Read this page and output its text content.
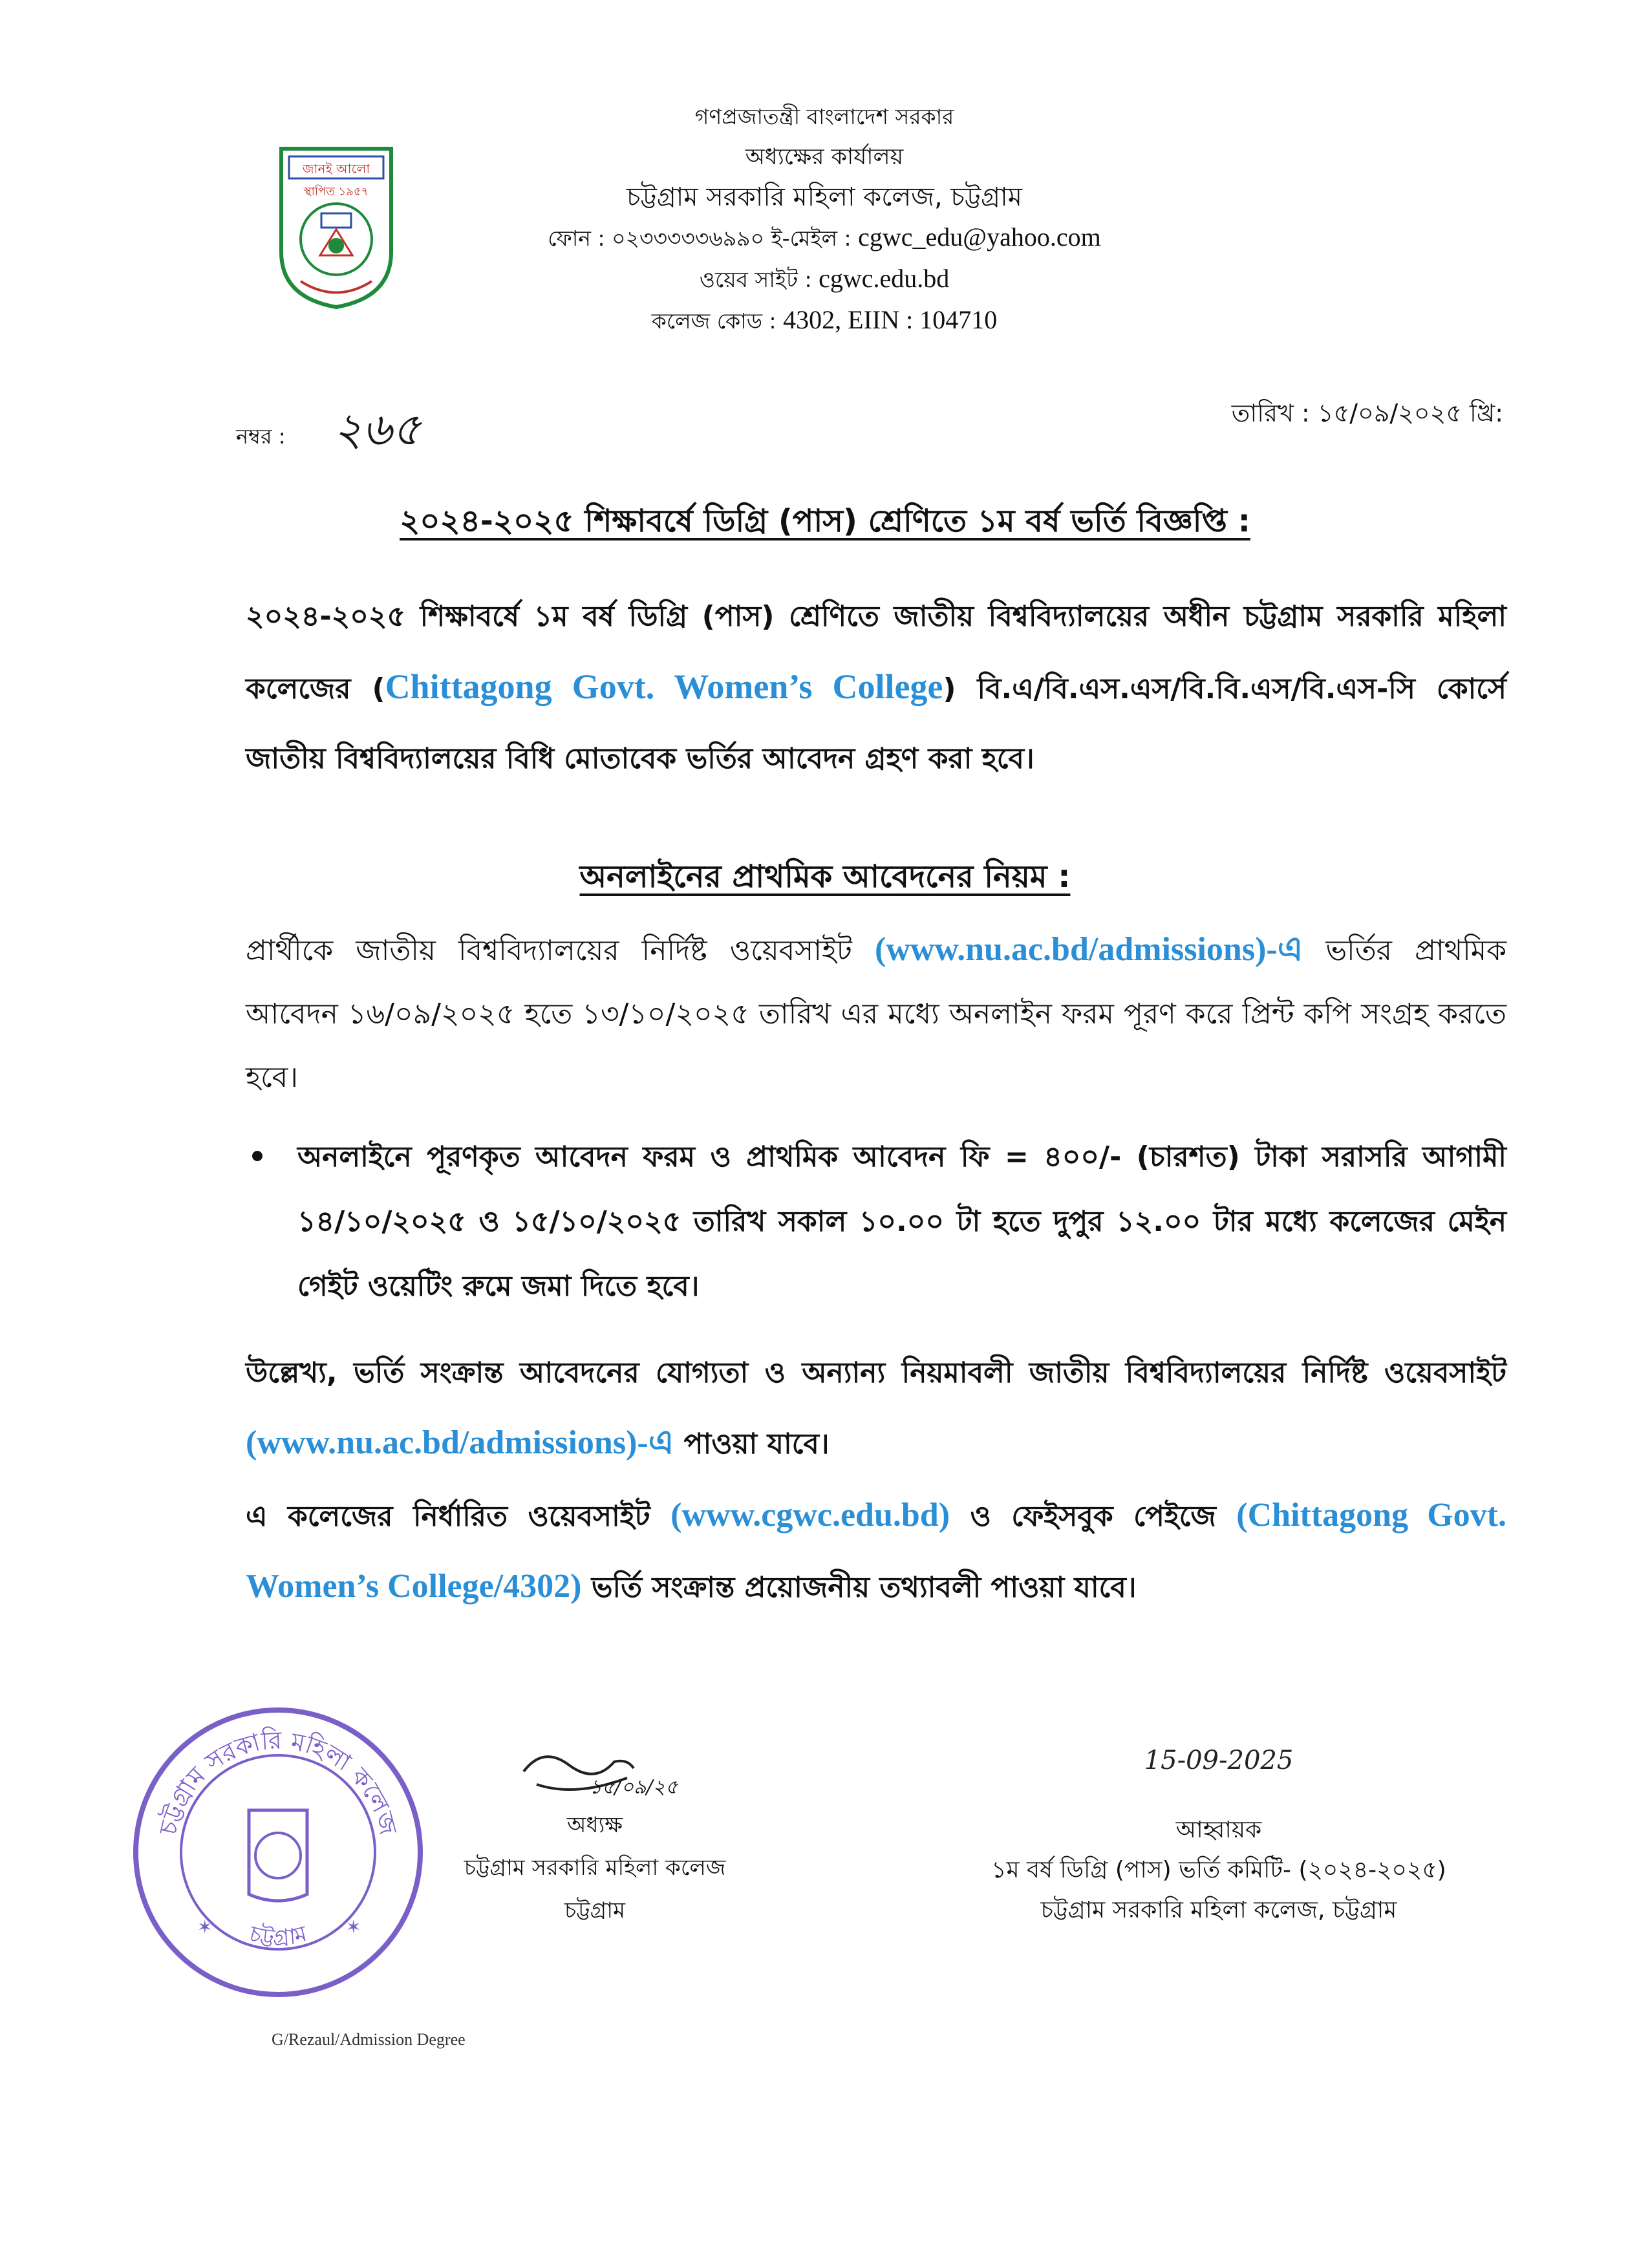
জানই আলো
স্থাপিত ১৯৫৭
গণপ্রজাতন্ত্রী বাংলাদেশ সরকার
অধ্যক্ষের কার্যালয়
চট্টগ্রাম সরকারি মহিলা কলেজ, চট্টগ্রাম
ফোন : ০২৩৩৩৩৩৬৯৯০ ই-মেইল : cgwc_edu@yahoo.com
ওয়েব সাইট : cgwc.edu.bd
কলেজ কোড : 4302, EIIN : 104710
নম্বর : ২৬৫	তারিখ : ১৫/০৯/২০২৫ খ্রি:
২০২৪-২০২৫ শিক্ষাবর্ষে ডিগ্রি (পাস) শ্রেণিতে ১ম বর্ষ ভর্তি বিজ্ঞপ্তি :
২০২৪-২০২৫ শিক্ষাবর্ষে ১ম বর্ষ ডিগ্রি (পাস) শ্রেণিতে জাতীয় বিশ্ববিদ্যালয়ের অধীন চট্টগ্রাম সরকারি মহিলা কলেজের (Chittagong Govt. Women’s College) বি.এ/বি.এস.এস/বি.বি.এস/বি.এস-সি কোর্সে জাতীয় বিশ্ববিদ্যালয়ের বিধি মোতাবেক ভর্তির আবেদন গ্রহণ করা হবে।
অনলাইনের প্রাথমিক আবেদনের নিয়ম :
প্রার্থীকে জাতীয় বিশ্ববিদ্যালয়ের নির্দিষ্ট ওয়েবসাইট (www.nu.ac.bd/admissions)-এ ভর্তির প্রাথমিক আবেদন ১৬/০৯/২০২৫ হতে ১৩/১০/২০২৫ তারিখ এর মধ্যে অনলাইন ফরম পূরণ করে প্রিন্ট কপি সংগ্রহ করতে হবে।
অনলাইনে পূরণকৃত আবেদন ফরম ও প্রাথমিক আবেদন ফি = ৪০০/- (চারশত) টাকা সরাসরি আগামী ১৪/১০/২০২৫ ও ১৫/১০/২০২৫ তারিখ সকাল ১০.০০ টা হতে দুপুর ১২.০০ টার মধ্যে কলেজের মেইন গেইট ওয়েটিং রুমে জমা দিতে হবে।
উল্লেখ্য, ভর্তি সংক্রান্ত আবেদনের যোগ্যতা ও অন্যান্য নিয়মাবলী জাতীয় বিশ্ববিদ্যালয়ের নির্দিষ্ট ওয়েবসাইট (www.nu.ac.bd/admissions)-এ পাওয়া যাবে।
এ কলেজের নির্ধারিত ওয়েবসাইট (www.cgwc.edu.bd) ও ফেইসবুক পেইজে (Chittagong Govt. Women’s College/4302) ভর্তি সংক্রান্ত প্রয়োজনীয় তথ্যাবলী পাওয়া যাবে।
চট্টগ্রাম সরকারি মহিলা কলেজ
চট্টগ্রাম
✶	✶
১৫/০৯/২৫
অধ্যক্ষ
চট্টগ্রাম সরকারি মহিলা কলেজ
চট্টগ্রাম
15-09-2025
আহ্বায়ক
১ম বর্ষ ডিগ্রি (পাস) ভর্তি কমিটি- (২০২৪-২০২৫)
চট্টগ্রাম সরকারি মহিলা কলেজ, চট্টগ্রাম
G/Rezaul/Admission Degree
